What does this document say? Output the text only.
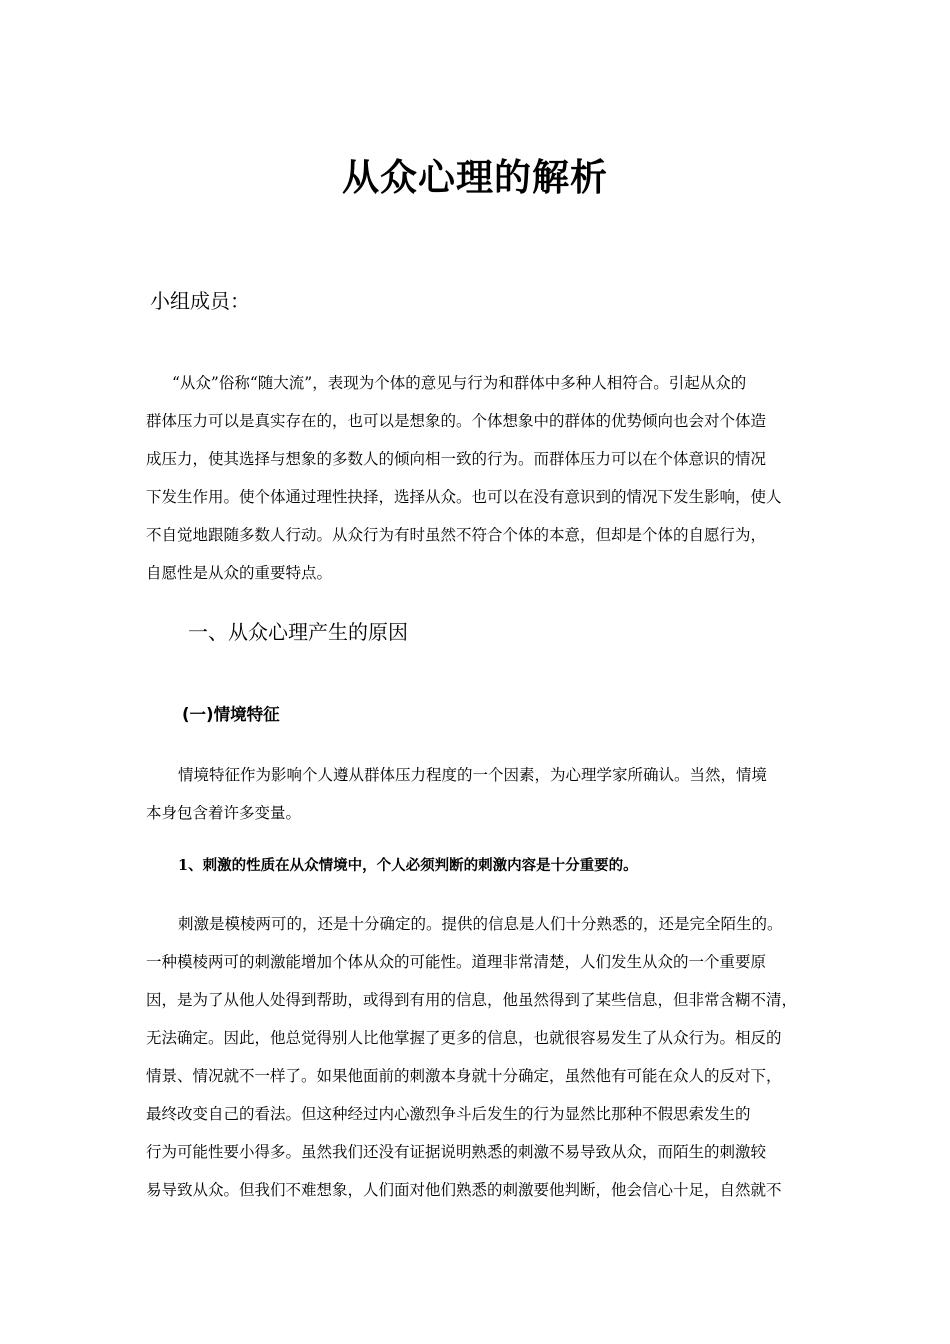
从众心理的解析
小组成员：
“从众”俗称“随大流”，表现为个体的意见与行为和群体中多种人相符合。引起从众的
群体压力可以是真实存在的，也可以是想象的。个体想象中的群体的优势倾向也会对个体造
成压力，使其选择与想象的多数人的倾向相一致的行为。而群体压力可以在个体意识的情况
下发生作用。使个体通过理性抉择，选择从众。也可以在没有意识到的情况下发生影响，使人
不自觉地跟随多数人行动。从众行为有时虽然不符合个体的本意，但却是个体的自愿行为，
自愿性是从众的重要特点。
一、从众心理产生的原因
(一)情境特征
情境特征作为影响个人遵从群体压力程度的一个因素，为心理学家所确认。当然，情境
本身包含着许多变量。
1、刺激的性质在从众情境中，个人必须判断的刺激内容是十分重要的。
刺激是模棱两可的，还是十分确定的。提供的信息是人们十分熟悉的，还是完全陌生的。
一种模棱两可的刺激能增加个体从众的可能性。道理非常清楚，人们发生从众的一个重要原
因，是为了从他人处得到帮助，或得到有用的信息，他虽然得到了某些信息，但非常含糊不清，
无法确定。因此，他总觉得别人比他掌握了更多的信息，也就很容易发生了从众行为。相反的
情景、情况就不一样了。如果他面前的刺激本身就十分确定，虽然他有可能在众人的反对下，
最终改变自己的看法。但这种经过内心激烈争斗后发生的行为显然比那种不假思索发生的
行为可能性要小得多。虽然我们还没有证据说明熟悉的刺激不易导致从众，而陌生的刺激较
易导致从众。但我们不难想象，人们面对他们熟悉的刺激要他判断，他会信心十足，自然就不
